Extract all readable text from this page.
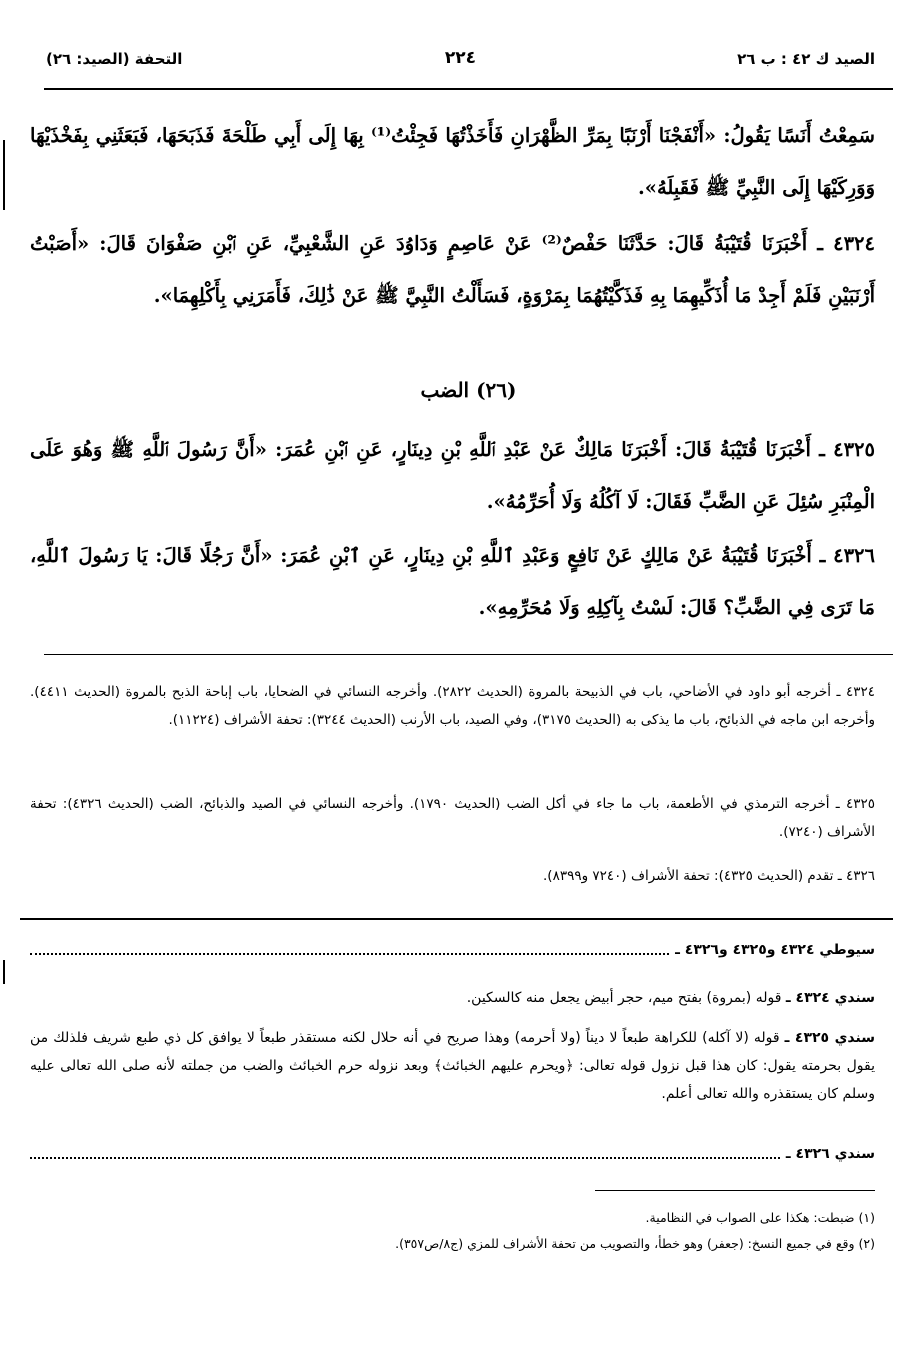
الصيد ك ٤٢ : ب ٢٦
٢٢٤
التحفة (الصيد: ٢٦)
سَمِعْتُ أَنَسًا يَقُولُ: «أَنْفَجْنَا أَرْنَبًا بِمَرِّ الظَّهْرَانِ فَأَخَذْتُهَا فَجِئْتُ⁽¹⁾ بِهَا إِلَى أَبِي طَلْحَةَ فَذَبَحَهَا، فَبَعَثَنِي بِفَخْذَيْهَا وَوَرِكَيْهَا إِلَى النَّبِيِّ ﷺ فَقَبِلَهُ».
٤٣٢٤ ـ أَخْبَرَنَا قُتَيْبَةُ قَالَ: حَدَّثَنَا حَفْصٌ⁽²⁾ عَنْ عَاصِمٍ وَدَاوُدَ عَنِ الشَّعْبِيِّ، عَنِ ٱبْنِ صَفْوَانَ قَالَ: «أَصَبْتُ أَرْنَبَيْنِ فَلَمْ أَجِدْ مَا أُذَكِّيهِمَا بِهِ فَذَكَّيْتُهُمَا بِمَرْوَةٍ، فَسَأَلْتُ النَّبِيَّ ﷺ عَنْ ذَٰلِكَ، فَأَمَرَنِي بِأَكْلِهِمَا».
(٢٦) الضب
٤٣٢٥ ـ أَخْبَرَنَا قُتَيْبَةُ قَالَ: أَخْبَرَنَا مَالِكٌ عَنْ عَبْدِ ٱللَّهِ بْنِ دِينَارٍ، عَنِ ٱبْنِ عُمَرَ: «أَنَّ رَسُولَ ٱللَّهِ ﷺ وَهُوَ عَلَى الْمِنْبَرِ سُئِلَ عَنِ الضَّبِّ فَقَالَ: لَا آكُلُهُ وَلَا أُحَرِّمُهُ».
٤٣٢٦ ـ أَخْبَرَنَا قُتَيْبَةُ عَنْ مَالِكٍ عَنْ نَافِعٍ وَعَبْدِ ٱللَّهِ بْنِ دِينَارٍ، عَنِ ٱبْنِ عُمَرَ: «أَنَّ رَجُلًا قَالَ: يَا رَسُولَ ٱللَّهِ، مَا تَرَى فِي الضَّبِّ؟ قَالَ: لَسْتُ بِآكِلِهِ وَلَا مُحَرِّمِهِ».
٤٣٢٤ ـ أخرجه أبو داود في الأضاحي، باب في الذبيحة بالمروة (الحديث ٢٨٢٢). وأخرجه النسائي في الضحايا، باب إباحة الذبح بالمروة (الحديث ٤٤١١). وأخرجه ابن ماجه في الذبائح، باب ما يذكى به (الحديث ٣١٧٥)، وفي الصيد، باب الأرنب (الحديث ٣٢٤٤): تحفة الأشراف (١١٢٢٤).
٤٣٢٥ ـ أخرجه الترمذي في الأطعمة، باب ما جاء في أكل الضب (الحديث ١٧٩٠). وأخرجه النسائي في الصيد والذبائح، الضب (الحديث ٤٣٢٦): تحفة الأشراف (٧٢٤٠).
٤٣٢٦ ـ تقدم (الحديث ٤٣٢٥): تحفة الأشراف (٧٢٤٠ و٨٣٩٩).
سيوطي ٤٣٢٤ و٤٣٢٥ و٤٣٢٦ ـ
سندي ٤٣٢٤ ـ قوله (بمروة) بفتح ميم، حجر أبيض يجعل منه كالسكين.
سندي ٤٣٢٥ ـ قوله (لا آكله) للكراهة طبعاً لا ديناً (ولا أحرمه) وهذا صريح في أنه حلال لكنه مستقذر طبعاً لا يوافق كل ذي طبع شريف فلذلك من يقول بحرمته يقول: كان هذا قبل نزول قوله تعالى: ﴿ويحرم عليهم الخبائث﴾ وبعد نزوله حرم الخبائث والضب من جملته لأنه صلى الله تعالى عليه وسلم كان يستقذره والله تعالى أعلم.
سندي ٤٣٢٦ ـ
(١) ضبطت: هكذا على الصواب في النظامية.
(٢) وقع في جميع النسخ: (جعفر) وهو خطأ، والتصويب من تحفة الأشراف للمزي (ج٨/ص٣٥٧).
